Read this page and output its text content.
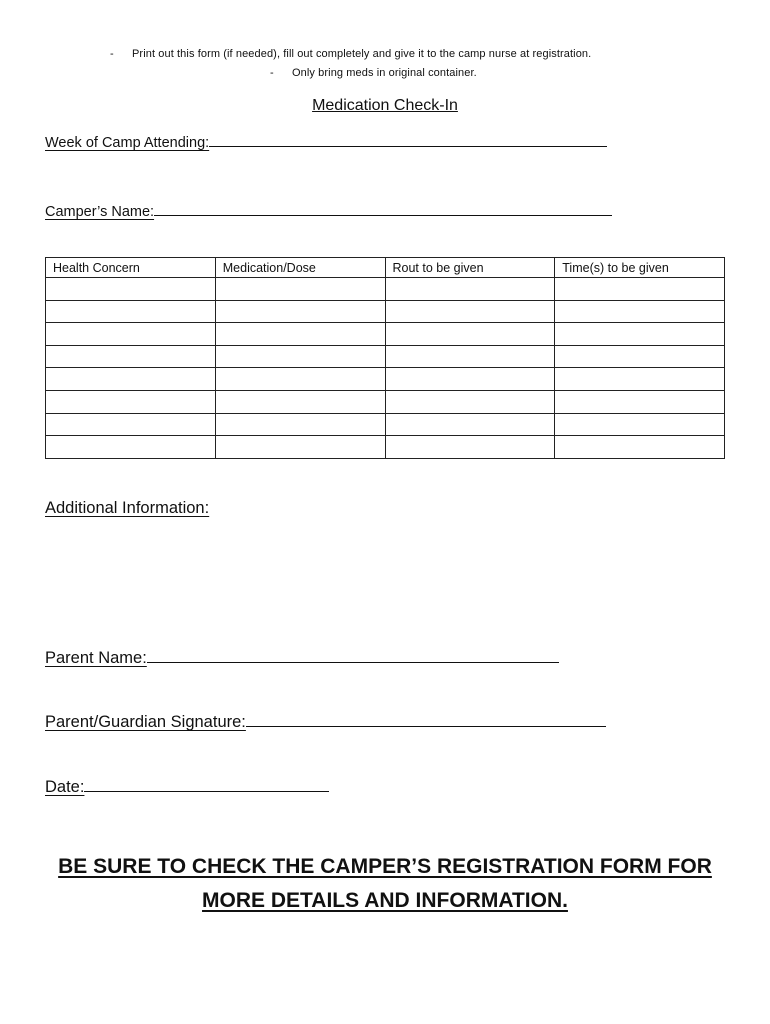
- Print out this form (if needed), fill out completely and give it to the camp nurse at registration.
- Only bring meds in original container.
Medication Check-In
Week of Camp Attending:
Camper’s Name:
Health Concern	Medication/Dose	Rout to be given	Time(s) to be given

Additional Information:
Parent Name:
Parent/Guardian Signature:
Date:
BE SURE TO CHECK THE CAMPER’S REGISTRATION FORM FOR
MORE DETAILS AND INFORMATION.
